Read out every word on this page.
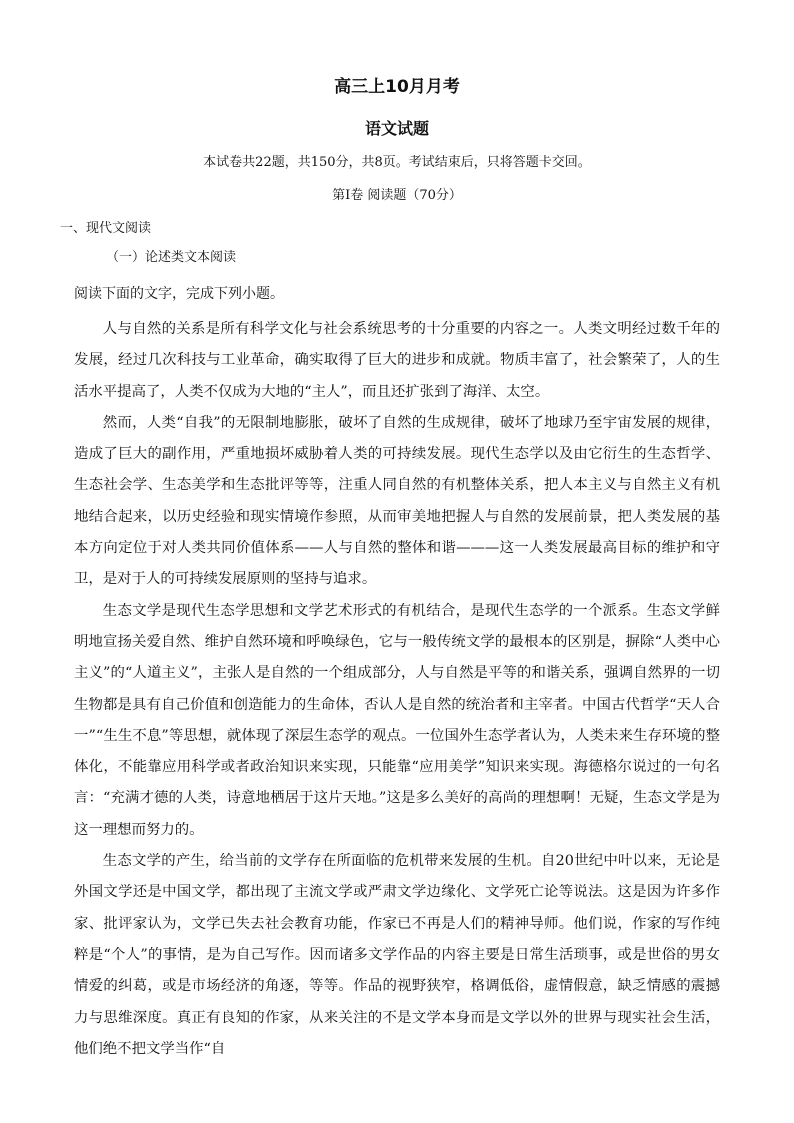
高三上10月月考
语文试题
本试卷共22题，共150分，共8页。考试结束后，只将答题卡交回。
第I卷 阅读题（70分）
一、现代文阅读
（一）论述类文本阅读
阅读下面的文字，完成下列小题。

人与自然的关系是所有科学文化与社会系统思考的十分重要的内容之一。人类文明经过数千年的发展，经过几次科技与工业革命，确实取得了巨大的进步和成就。物质丰富了，社会繁荣了，人的生活水平提高了，人类不仅成为大地的“主人”，而且还扩张到了海洋、太空。

然而，人类“自我”的无限制地膨胀，破坏了自然的生成规律，破坏了地球乃至宇宙发展的规律，造成了巨大的副作用，严重地损坏威胁着人类的可持续发展。现代生态学以及由它衍生的生态哲学、生态社会学、生态美学和生态批评等等，注重人同自然的有机整体关系，把人本主义与自然主义有机地结合起来，以历史经验和现实情境作参照，从而审美地把握人与自然的发展前景，把人类发展的基本方向定位于对人类共同价值体系——人与自然的整体和谐———这一人类发展最高目标的维护和守卫，是对于人的可持续发展原则的坚持与追求。

生态文学是现代生态学思想和文学艺术形式的有机结合，是现代生态学的一个派系。生态文学鲜明地宣扬关爱自然、维护自然环境和呼唤绿色，它与一般传统文学的最根本的区别是，摒除“人类中心主义”的“人道主义”，主张人是自然的一个组成部分，人与自然是平等的和谐关系，强调自然界的一切生物都是具有自己价值和创造能力的生命体，否认人是自然的统治者和主宰者。中国古代哲学“天人合一”“生生不息”等思想，就体现了深层生态学的观点。一位国外生态学者认为，人类未来生存环境的整体化，不能靠应用科学或者政治知识来实现，只能靠“应用美学”知识来实现。海德格尔说过的一句名言：“充满才德的人类，诗意地栖居于这片天地。”这是多么美好的高尚的理想啊！无疑，生态文学是为这一理想而努力的。

生态文学的产生，给当前的文学存在所面临的危机带来发展的生机。自20世纪中叶以来，无论是外国文学还是中国文学，都出现了主流文学或严肃文学边缘化、文学死亡论等说法。这是因为许多作家、批评家认为，文学已失去社会教育功能，作家已不再是人们的精神导师。他们说，作家的写作纯粹是“个人”的事情，是为自己写作。因而诸多文学作品的内容主要是日常生活琐事，或是世俗的男女情爱的纠葛，或是市场经济的角逐，等等。作品的视野狭窄，格调低俗，虚情假意，缺乏情感的震撼力与思维深度。真正有良知的作家，从来关注的不是文学本身而是文学以外的世界与现实社会生活，他们绝不把文学当作“自
